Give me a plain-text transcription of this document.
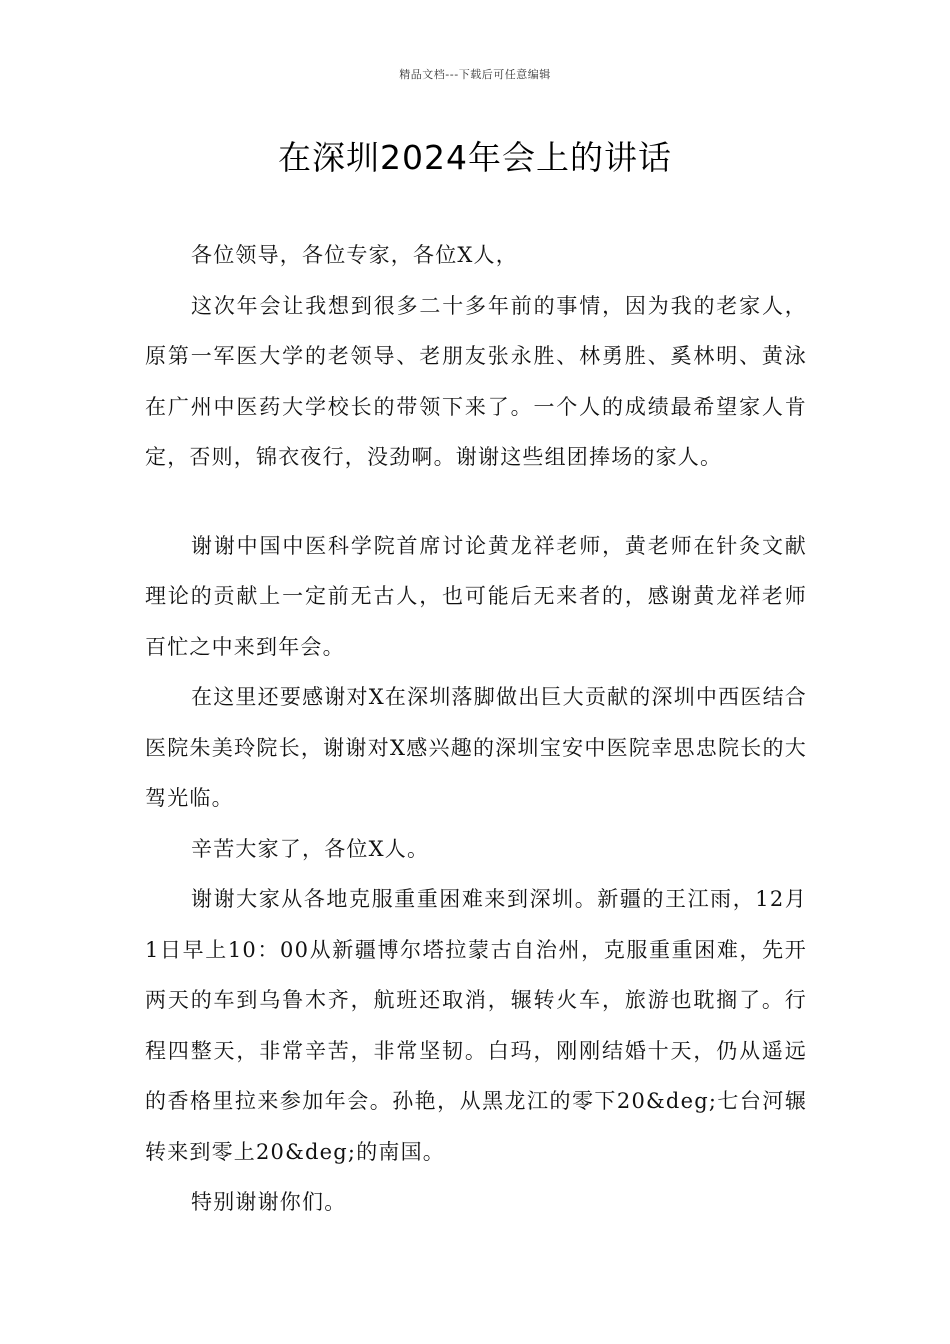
精品文档---下载后可任意编辑
在深圳2024年会上的讲话

各位领导，各位专家，各位X人，

这次年会让我想到很多二十多年前的事情，因为我的老家人，原第一军医大学的老领导、老朋友张永胜、林勇胜、奚林明、黄泳在广州中医药大学校长的带领下来了。一个人的成绩最希望家人肯定，否则，锦衣夜行，没劲啊。谢谢这些组团捧场的家人。

谢谢中国中医科学院首席讨论黄龙祥老师，黄老师在针灸文献理论的贡献上一定前无古人，也可能后无来者的，感谢黄龙祥老师百忙之中来到年会。

在这里还要感谢对X在深圳落脚做出巨大贡献的深圳中西医结合医院朱美玲院长，谢谢对X感兴趣的深圳宝安中医院幸思忠院长的大驾光临。

辛苦大家了，各位X人。

谢谢大家从各地克服重重困难来到深圳。新疆的王江雨，12月1日早上10：00从新疆博尔塔拉蒙古自治州，克服重重困难，先开两天的车到乌鲁木齐，航班还取消，辗转火车，旅游也耽搁了。行程四整天，非常辛苦，非常坚韧。白玛，刚刚结婚十天，仍从遥远的香格里拉来参加年会。孙艳，从黑龙江的零下20&deg;七台河辗转来到零上20&deg;的南国。

特别谢谢你们。
